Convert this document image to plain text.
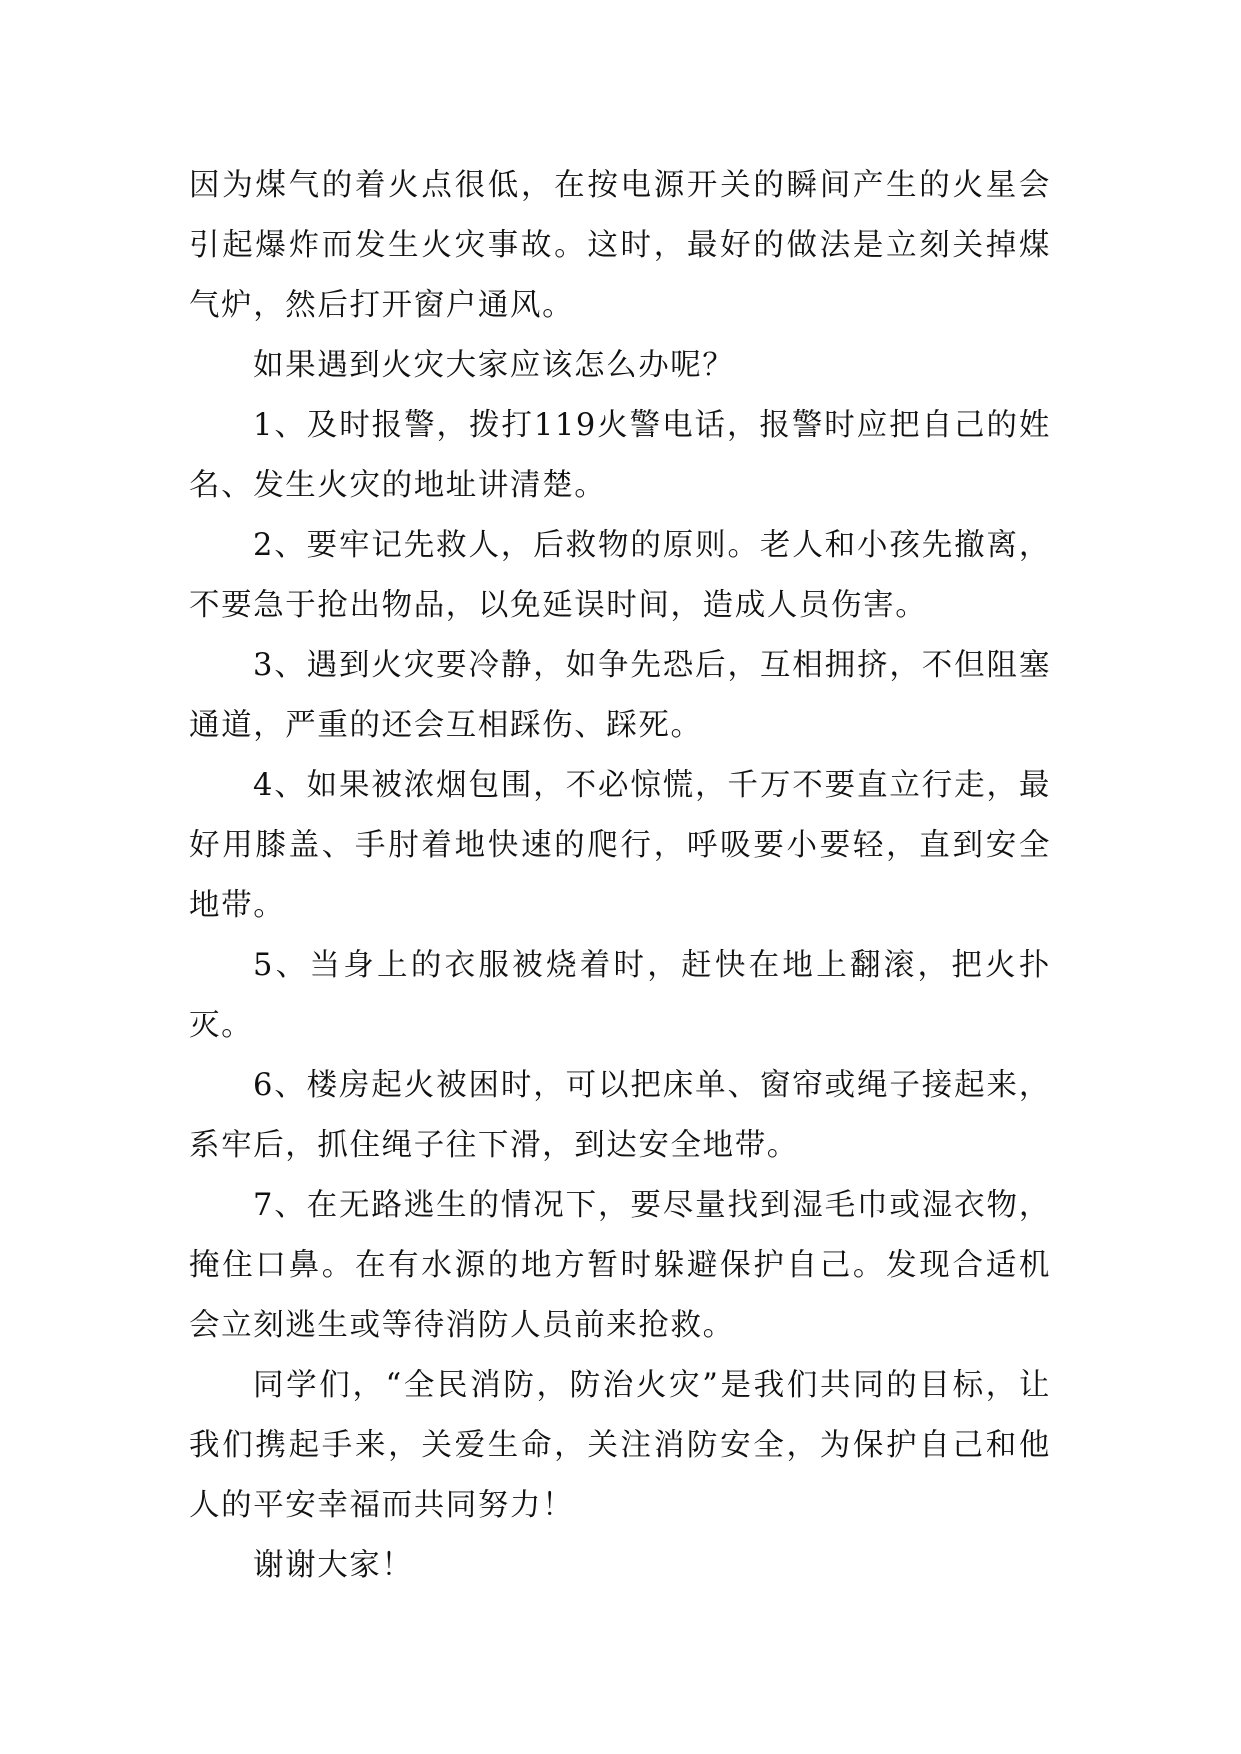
因为煤气的着火点很低，在按电源开关的瞬间产生的火星会引起爆炸而发生火灾事故。这时，最好的做法是立刻关掉煤气炉，然后打开窗户通风。

如果遇到火灾大家应该怎么办呢？

1、及时报警，拨打119火警电话，报警时应把自己的姓名、发生火灾的地址讲清楚。

2、要牢记先救人，后救物的原则。老人和小孩先撤离，不要急于抢出物品，以免延误时间，造成人员伤害。

3、遇到火灾要冷静，如争先恐后，互相拥挤，不但阻塞通道，严重的还会互相踩伤、踩死。

4、如果被浓烟包围，不必惊慌，千万不要直立行走，最好用膝盖、手肘着地快速的爬行，呼吸要小要轻，直到安全地带。

5、当身上的衣服被烧着时，赶快在地上翻滚，把火扑灭。

6、楼房起火被困时，可以把床单、窗帘或绳子接起来，系牢后，抓住绳子往下滑，到达安全地带。

7、在无路逃生的情况下，要尽量找到湿毛巾或湿衣物，掩住口鼻。在有水源的地方暂时躲避保护自己。发现合适机会立刻逃生或等待消防人员前来抢救。

同学们，“全民消防，防治火灾”是我们共同的目标，让我们携起手来，关爱生命，关注消防安全，为保护自己和他人的平安幸福而共同努力！

谢谢大家！
